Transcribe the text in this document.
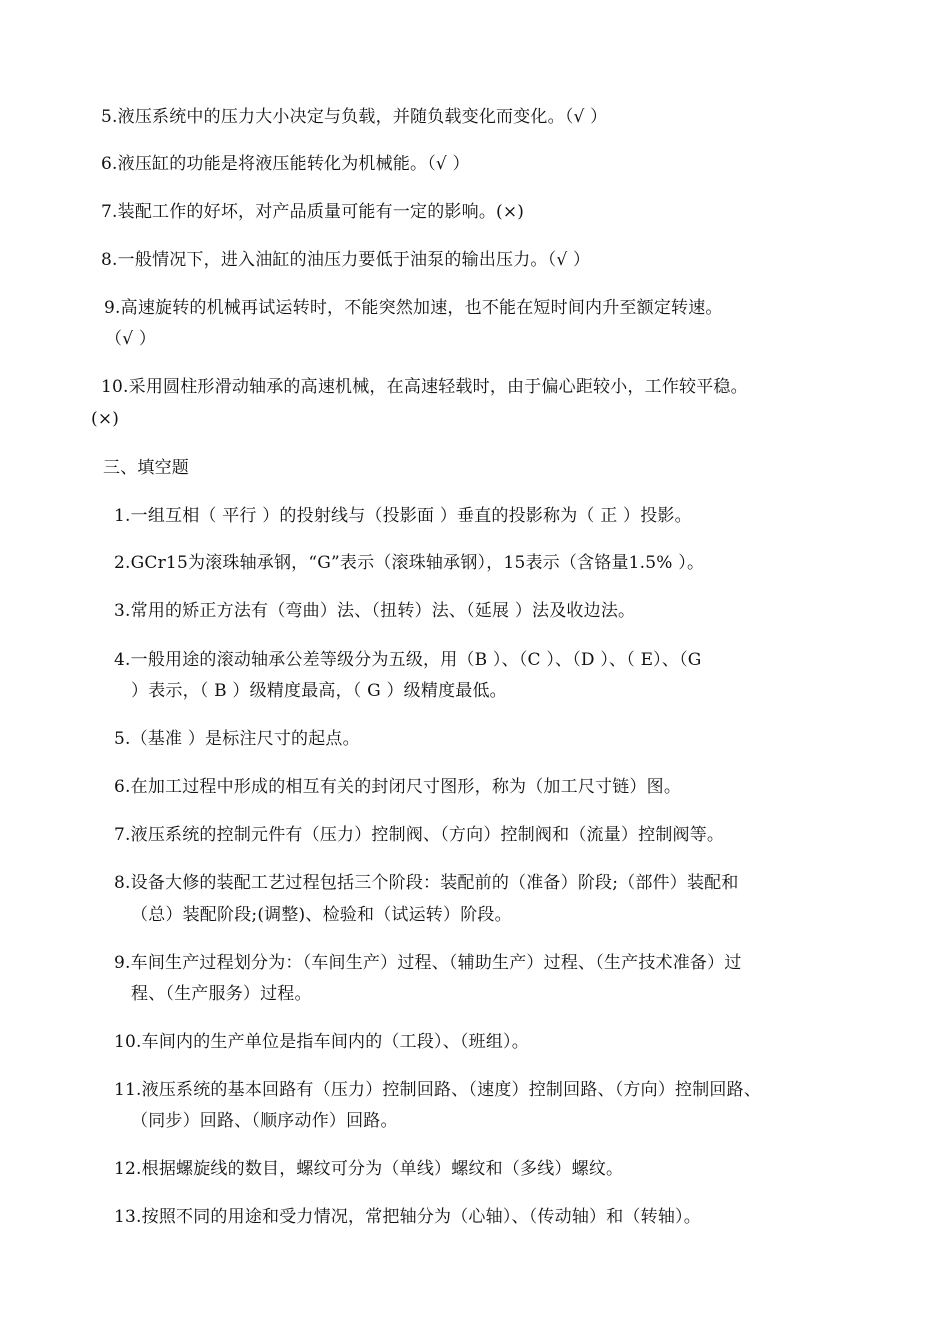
5.液压系统中的压力大小决定与负载，并随负载变化而变化。（√ ）
6.液压缸的功能是将液压能转化为机械能。（√ ）
7.装配工作的好坏，对产品质量可能有一定的影响。(×)
8.一般情况下，进入油缸的油压力要低于油泵的输出压力。（√ ）
9.高速旋转的机械再试运转时，不能突然加速，也不能在短时间内升至额定转速。
（√ ）
10.采用圆柱形滑动轴承的高速机械，在高速轻载时，由于偏心距较小，工作较平稳。
(×)
三、填空题
1.一组互相（ 平行 ）的投射线与（投影面 ）垂直的投影称为（ 正 ）投影。
2.GCr15为滚珠轴承钢，“G”表示（滚珠轴承钢），15表示（含铬量1.5% ）。
3.常用的矫正方法有（弯曲）法、（扭转）法、（延展 ）法及收边法。
4.一般用途的滚动轴承公差等级分为五级，用（B ）、（C ）、（D ）、（ E）、（G
）表示，（ B ）级精度最高，（ G ）级精度最低。
5.（基准 ）是标注尺寸的起点。
6.在加工过程中形成的相互有关的封闭尺寸图形，称为（加工尺寸链）图。
7.液压系统的控制元件有（压力）控制阀、（方向）控制阀和（流量）控制阀等。
8.设备大修的装配工艺过程包括三个阶段：装配前的（准备）阶段;（部件）装配和
（总）装配阶段;(调整)、检验和（试运转）阶段。
9.车间生产过程划分为：（车间生产）过程、（辅助生产）过程、（生产技术准备）过
程、（生产服务）过程。
10.车间内的生产单位是指车间内的（工段）、（班组）。
11.液压系统的基本回路有（压力）控制回路、（速度）控制回路、（方向）控制回路、
（同步）回路、（顺序动作）回路。
12.根据螺旋线的数目，螺纹可分为（单线）螺纹和（多线）螺纹。
13.按照不同的用途和受力情况，常把轴分为（心轴）、（传动轴）和（转轴）。
